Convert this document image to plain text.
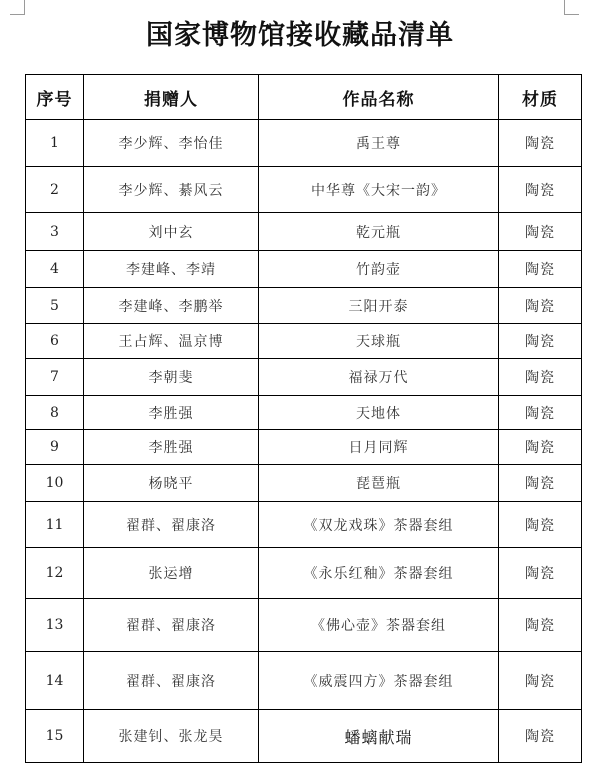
国家博物馆接收藏品清单
序号	捐赠人	作品名称	材质
1	李少辉、李怡佳	禹王尊	陶瓷
2	李少辉、綦风云	中华尊《大宋一韵》	陶瓷
3	刘中玄	乾元瓶	陶瓷
4	李建峰、李靖	竹韵壶	陶瓷
5	李建峰、李鹏举	三阳开泰	陶瓷
6	王占辉、温京博	天球瓶	陶瓷
7	李朝斐	福禄万代	陶瓷
8	李胜强	天地体	陶瓷
9	李胜强	日月同辉	陶瓷
10	杨晓平	琵琶瓶	陶瓷
11	翟群、翟康洛	《双龙戏珠》茶器套组	陶瓷
12	张运增	《永乐红釉》茶器套组	陶瓷
13	翟群、翟康洛	《佛心壶》茶器套组	陶瓷
14	翟群、翟康洛	《威震四方》茶器套组	陶瓷
15	张建钊、张龙昊	蟠螭献瑞	陶瓷
